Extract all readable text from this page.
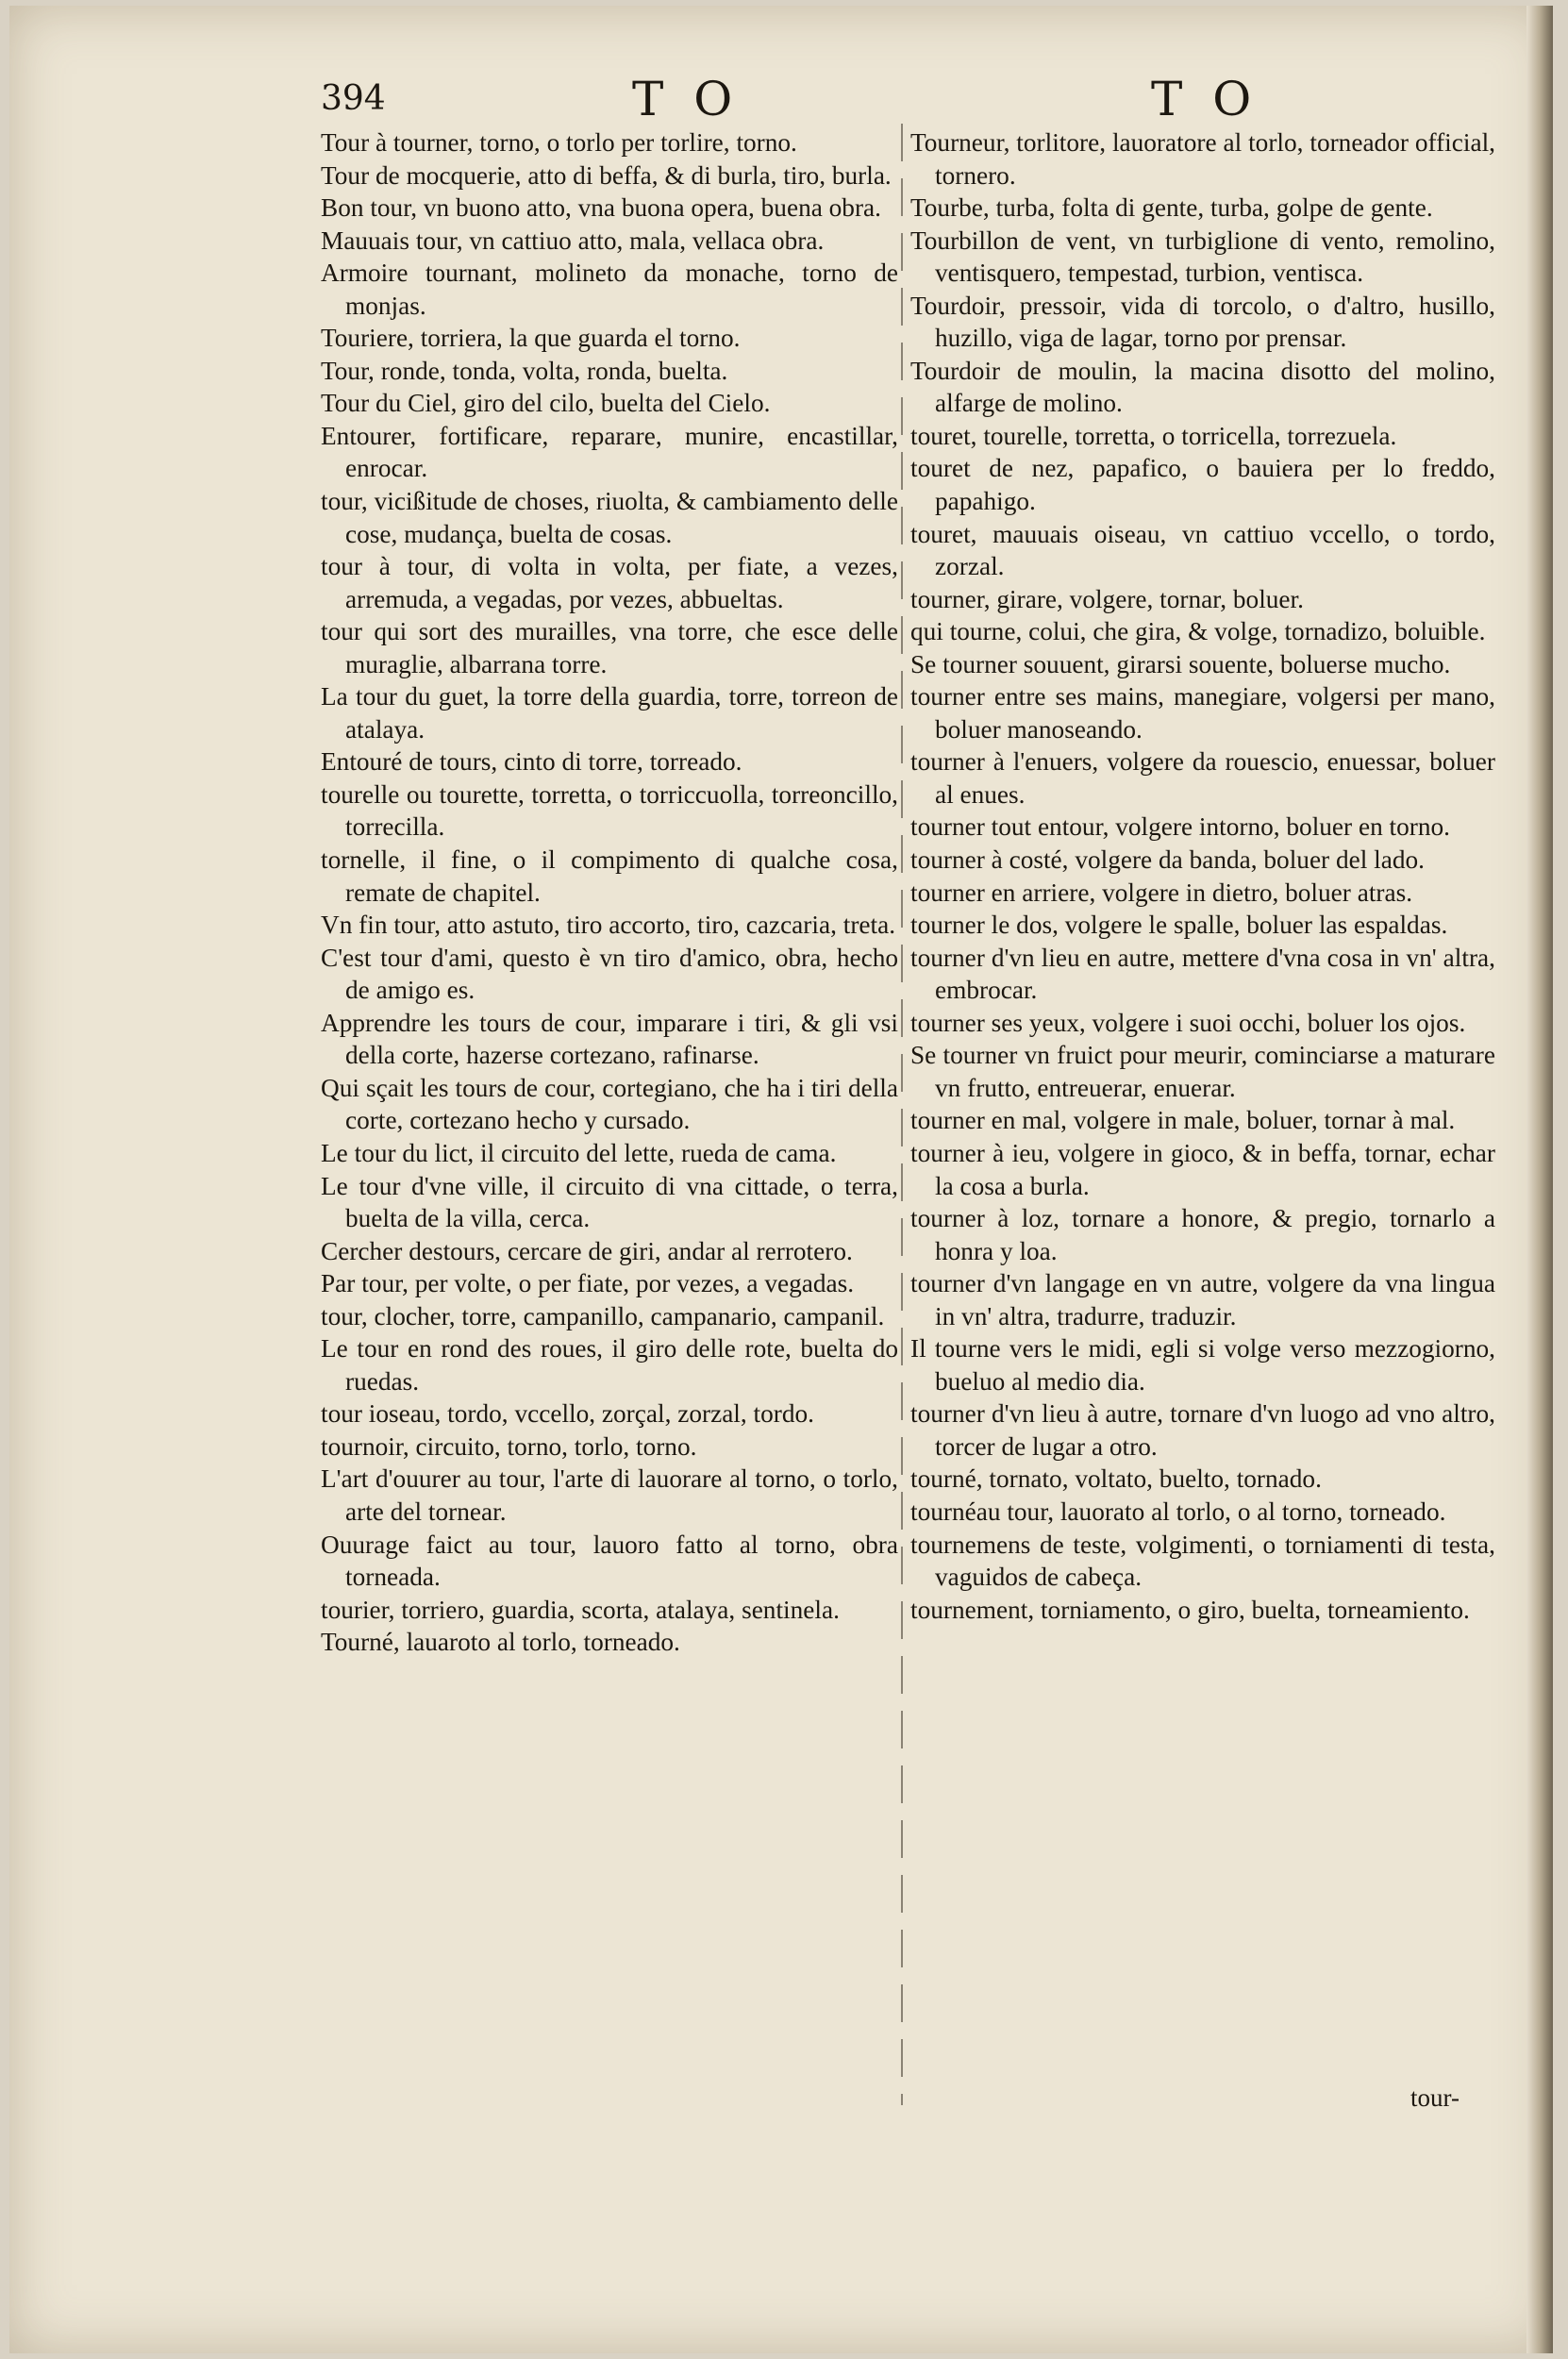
394	T O	T O
Tour à tourner, torno, o torlo per torlire, torno.
Tour de mocquerie, atto di beffa, & di burla, tiro, burla.
Bon tour, vn buono atto, vna buona opera, buena obra.
Mauuais tour, vn cattiuo atto, mala, vellaca obra.
Armoire tournant, molineto da monache, torno de monjas.
Touriere, torriera, la que guarda el torno.
Tour, ronde, tonda, volta, ronda, buelta.
Tour du Ciel, giro del cilo, buelta del Cielo.
Entourer, fortificare, reparare, munire, encastillar, enrocar.
tour, vicißitude de choses, riuolta, & cambiamento delle cose, mudança, buelta de cosas.
tour à tour, di volta in volta, per fiate, a vezes, arremuda, a vegadas, por vezes, abbueltas.
tour qui sort des murailles, vna torre, che esce delle muraglie, albarrana torre.
La tour du guet, la torre della guardia, torre, torreon de atalaya.
Entouré de tours, cinto di torre, torreado.
tourelle ou tourette, torretta, o torriccuolla, torreoncillo, torrecilla.
tornelle, il fine, o il compimento di qualche cosa, remate de chapitel.
Vn fin tour, atto astuto, tiro accorto, tiro, cazcaria, treta.
C'est tour d'ami, questo è vn tiro d'amico, obra, hecho de amigo es.
Apprendre les tours de cour, imparare i tiri, & gli vsi della corte, hazerse cortezano, rafinarse.
Qui sçait les tours de cour, cortegiano, che ha i tiri della corte, cortezano hecho y cursado.
Le tour du lict, il circuito del lette, rueda de cama.
Le tour d'vne ville, il circuito di vna cittade, o terra, buelta de la villa, cerca.
Cercher destours, cercare de giri, andar al rerrotero.
Par tour, per volte, o per fiate, por vezes, a vegadas.
tour, clocher, torre, campanillo, campanario, campanil.
Le tour en rond des roues, il giro delle rote, buelta do ruedas.
tour ioseau, tordo, vccello, zorçal, zorzal, tordo.
tournoir, circuito, torno, torlo, torno.
L'art d'ouurer au tour, l'arte di lauorare al torno, o torlo, arte del tornear.
Ouurage faict au tour, lauoro fatto al torno, obra torneada.
tourier, torriero, guardia, scorta, atalaya, sentinela.
Tourné, lauaroto al torlo, torneado.
Tourneur, torlitore, lauoratore al torlo, torneador official, tornero.
Tourbe, turba, folta di gente, turba, golpe de gente.
Tourbillon de vent, vn turbiglione di vento, remolino, ventisquero, tempestad, turbion, ventisca.
Tourdoir, pressoir, vida di torcolo, o d'altro, husillo, huzillo, viga de lagar, torno por prensar.
Tourdoir de moulin, la macina disotto del molino, alfarge de molino.
touret, tourelle, torretta, o torricella, torrezuela.
touret de nez, papafico, o bauiera per lo freddo, papahigo.
touret, mauuais oiseau, vn cattiuo vccello, o tordo, zorzal.
tourner, girare, volgere, tornar, boluer.
qui tourne, colui, che gira, & volge, tornadizo, boluible.
Se tourner souuent, girarsi souente, boluerse mucho.
tourner entre ses mains, manegiare, volgersi per mano, boluer manoseando.
tourner à l'enuers, volgere da rouescio, enuessar, boluer al enues.
tourner tout entour, volgere intorno, boluer en torno.
tourner à costé, volgere da banda, boluer del lado.
tourner en arriere, volgere in dietro, boluer atras.
tourner le dos, volgere le spalle, boluer las espaldas.
tourner d'vn lieu en autre, mettere d'vna cosa in vn' altra, embrocar.
tourner ses yeux, volgere i suoi occhi, boluer los ojos.
Se tourner vn fruict pour meurir, cominciarse a maturare vn frutto, entreuerar, enuerar.
tourner en mal, volgere in male, boluer, tornar à mal.
tourner à ieu, volgere in gioco, & in beffa, tornar, echar la cosa a burla.
tourner à loz, tornare a honore, & pregio, tornarlo a honra y loa.
tourner d'vn langage en vn autre, volgere da vna lingua in vn' altra, tradurre, traduzir.
Il tourne vers le midi, egli si volge verso mezzogiorno, bueluo al medio dia.
tourner d'vn lieu à autre, tornare d'vn luogo ad vno altro, torcer de lugar a otro.
tourné, tornato, voltato, buelto, tornado.
tournéau tour, lauorato al torlo, o al torno, torneado.
tournemens de teste, volgimenti, o torniamenti di testa, vaguidos de cabeça.
tournement, torniamento, o giro, buelta, torneamiento.
tour-
